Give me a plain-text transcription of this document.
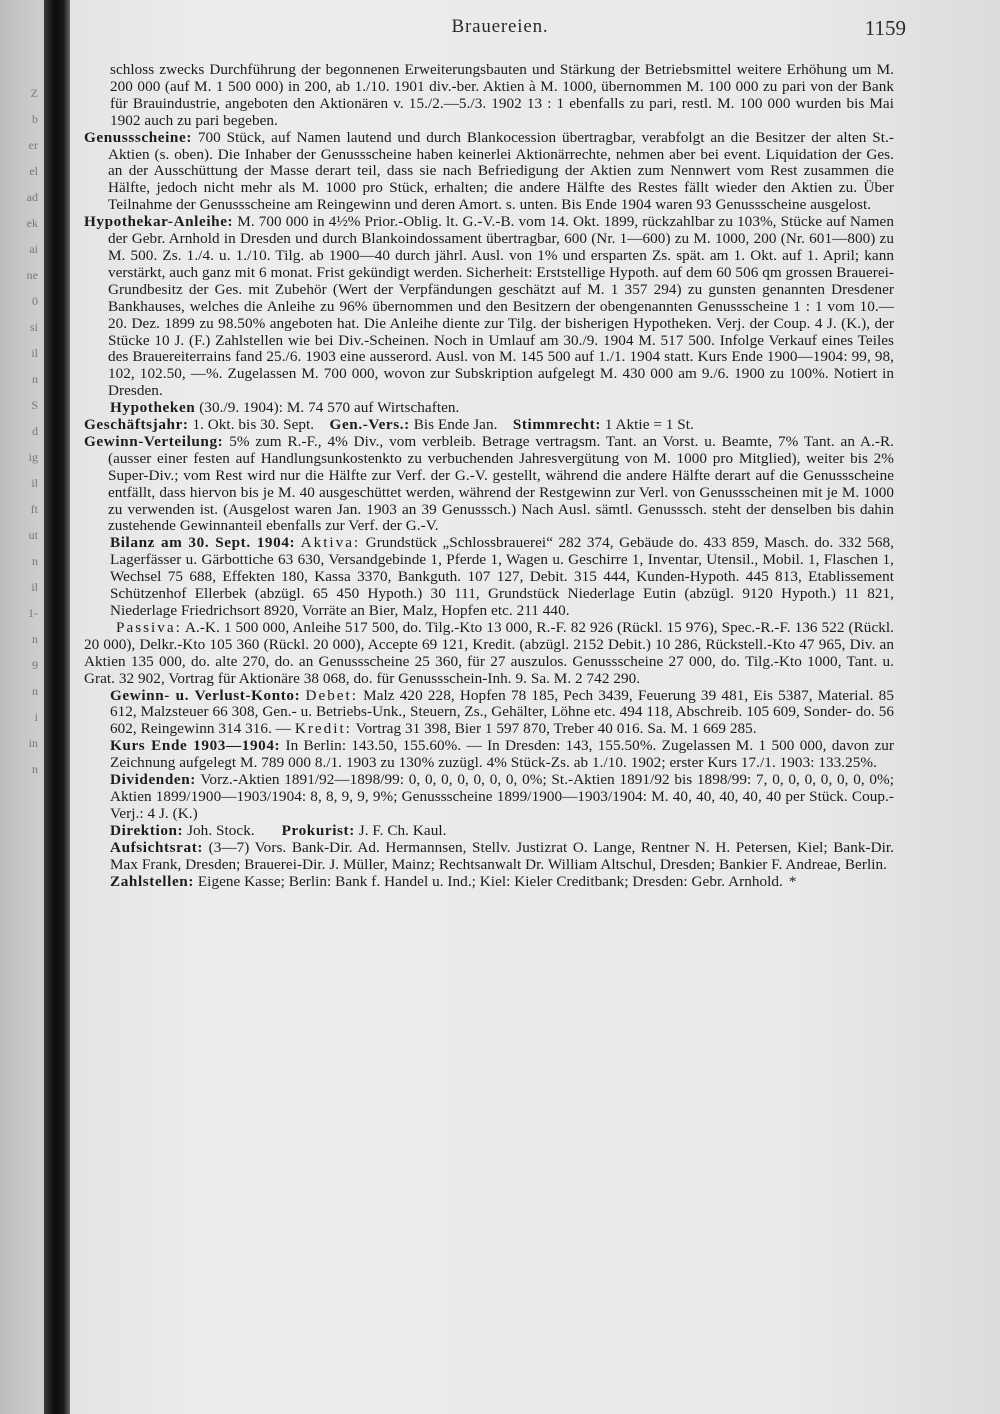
Z
b
er
el
ad
ek
ai
ne
0
si
il
n
S
d
ig
il
ft
ut
n
il
1-
n
9
n
i
in
n
Brauereien.	1159

schloss zwecks Durchführung der begonnenen Erweiterungsbauten und Stärkung der Betriebsmittel weitere Erhöhung um M. 200 000 (auf M. 1 500 000) in 200, ab 1./10. 1901 div.-ber. Aktien à M. 1000, übernommen M. 100 000 zu pari von der Bank für Brauindustrie, angeboten den Aktionären v. 15./2.—5./3. 1902 13 : 1 ebenfalls zu pari, restl. M. 100 000 wurden bis Mai 1902 auch zu pari begeben.

Genussscheine: 700 Stück, auf Namen lautend und durch Blankocession übertragbar, verabfolgt an die Besitzer der alten St.-Aktien (s. oben). Die Inhaber der Genussscheine haben keinerlei Aktionärrechte, nehmen aber bei event. Liquidation der Ges. an der Ausschüttung der Masse derart teil, dass sie nach Befriedigung der Aktien zum Nennwert vom Rest zusammen die Hälfte, jedoch nicht mehr als M. 1000 pro Stück, erhalten; die andere Hälfte des Restes fällt wieder den Aktien zu. Über Teilnahme der Genussscheine am Reingewinn und deren Amort. s. unten. Bis Ende 1904 waren 93 Genussscheine ausgelost.

Hypothekar-Anleihe: M. 700 000 in 4½% Prior.-Oblig. lt. G.-V.-B. vom 14. Okt. 1899, rückzahlbar zu 103%, Stücke auf Namen der Gebr. Arnhold in Dresden und durch Blankoindossament übertragbar, 600 (Nr. 1—600) zu M. 1000, 200 (Nr. 601—800) zu M. 500. Zs. 1./4. u. 1./10. Tilg. ab 1900—40 durch jährl. Ausl. von 1% und ersparten Zs. spät. am 1. Okt. auf 1. April; kann verstärkt, auch ganz mit 6 monat. Frist gekündigt werden. Sicherheit: Erststellige Hypoth. auf dem 60 506 qm grossen Brauerei-Grundbesitz der Ges. mit Zubehör (Wert der Verpfändungen geschätzt auf M. 1 357 294) zu gunsten genannten Dresdener Bankhauses, welches die Anleihe zu 96% übernommen und den Besitzern der obengenannten Genussscheine 1 : 1 vom 10.—20. Dez. 1899 zu 98.50% angeboten hat. Die Anleihe diente zur Tilg. der bisherigen Hypotheken. Verj. der Coup. 4 J. (K.), der Stücke 10 J. (F.) Zahlstellen wie bei Div.-Scheinen. Noch in Umlauf am 30./9. 1904 M. 517 500. Infolge Verkauf eines Teiles des Brauereiterrains fand 25./6. 1903 eine ausserord. Ausl. von M. 145 500 auf 1./1. 1904 statt. Kurs Ende 1900—1904: 99, 98, 102, 102.50, —%. Zugelassen M. 700 000, wovon zur Subskription aufgelegt M. 430 000 am 9./6. 1900 zu 100%. Notiert in Dresden.

Hypotheken (30./9. 1904): M. 74 570 auf Wirtschaften.

Geschäftsjahr: 1. Okt. bis 30. Sept. Gen.-Vers.: Bis Ende Jan. Stimmrecht: 1 Aktie = 1 St.

Gewinn-Verteilung: 5% zum R.-F., 4% Div., vom verbleib. Betrage vertragsm. Tant. an Vorst. u. Beamte, 7% Tant. an A.-R. (ausser einer festen auf Handlungsunkostenkto zu verbuchenden Jahresvergütung von M. 1000 pro Mitglied), weiter bis 2% Super-Div.; vom Rest wird nur die Hälfte zur Verf. der G.-V. gestellt, während die andere Hälfte derart auf die Genussscheine entfällt, dass hiervon bis je M. 40 ausgeschüttet werden, während der Restgewinn zur Verl. von Genussscheinen mit je M. 1000 zu verwenden ist. (Ausgelost waren Jan. 1903 an 39 Genusssch.) Nach Ausl. sämtl. Genusssch. steht der denselben bis dahin zustehende Gewinnanteil ebenfalls zur Verf. der G.-V.

Bilanz am 30. Sept. 1904: Aktiva: Grundstück „Schlossbrauerei“ 282 374, Gebäude do. 433 859, Masch. do. 332 568, Lagerfässer u. Gärbottiche 63 630, Versandgebinde 1, Pferde 1, Wagen u. Geschirre 1, Inventar, Utensil., Mobil. 1, Flaschen 1, Wechsel 75 688, Effekten 180, Kassa 3370, Bankguth. 107 127, Debit. 315 444, Kunden-Hypoth. 445 813, Etablissement Schützenhof Ellerbek (abzügl. 65 450 Hypoth.) 30 111, Grundstück Niederlage Eutin (abzügl. 9120 Hypoth.) 11 821, Niederlage Friedrichsort 8920, Vorräte an Bier, Malz, Hopfen etc. 211 440.

Passiva: A.-K. 1 500 000, Anleihe 517 500, do. Tilg.-Kto 13 000, R.-F. 82 926 (Rückl. 15 976), Spec.-R.-F. 136 522 (Rückl. 20 000), Delkr.-Kto 105 360 (Rückl. 20 000), Accepte 69 121, Kredit. (abzügl. 2152 Debit.) 10 286, Rückstell.-Kto 47 965, Div. an Aktien 135 000, do. alte 270, do. an Genussscheine 25 360, für 27 auszulos. Genussscheine 27 000, do. Tilg.-Kto 1000, Tant. u. Grat. 32 902, Vortrag für Aktionäre 38 068, do. für Genussschein-Inh. 9. Sa. M. 2 742 290.

Gewinn- u. Verlust-Konto: Debet: Malz 420 228, Hopfen 78 185, Pech 3439, Feuerung 39 481, Eis 5387, Material. 85 612, Malzsteuer 66 308, Gen.- u. Betriebs-Unk., Steuern, Zs., Gehälter, Löhne etc. 494 118, Abschreib. 105 609, Sonder- do. 56 602, Reingewinn 314 316. — Kredit: Vortrag 31 398, Bier 1 597 870, Treber 40 016. Sa. M. 1 669 285.

Kurs Ende 1903—1904: In Berlin: 143.50, 155.60%. — In Dresden: 143, 155.50%. Zugelassen M. 1 500 000, davon zur Zeichnung aufgelegt M. 789 000 8./1. 1903 zu 130% zuzügl. 4% Stück-Zs. ab 1./10. 1902; erster Kurs 17./1. 1903: 133.25%.

Dividenden: Vorz.-Aktien 1891/92—1898/99: 0, 0, 0, 0, 0, 0, 0, 0%; St.-Aktien 1891/92 bis 1898/99: 7, 0, 0, 0, 0, 0, 0, 0%; Aktien 1899/1900—1903/1904: 8, 8, 9, 9, 9%; Genussscheine 1899/1900—1903/1904: M. 40, 40, 40, 40, 40 per Stück. Coup.-Verj.: 4 J. (K.)

Direktion: Joh. Stock. Prokurist: J. F. Ch. Kaul.

Aufsichtsrat: (3—7) Vors. Bank-Dir. Ad. Hermannsen, Stellv. Justizrat O. Lange, Rentner N. H. Petersen, Kiel; Bank-Dir. Max Frank, Dresden; Brauerei-Dir. J. Müller, Mainz; Rechtsanwalt Dr. William Altschul, Dresden; Bankier F. Andreae, Berlin.

Zahlstellen: Eigene Kasse; Berlin: Bank f. Handel u. Ind.; Kiel: Kieler Creditbank; Dresden: Gebr. Arnhold. *
